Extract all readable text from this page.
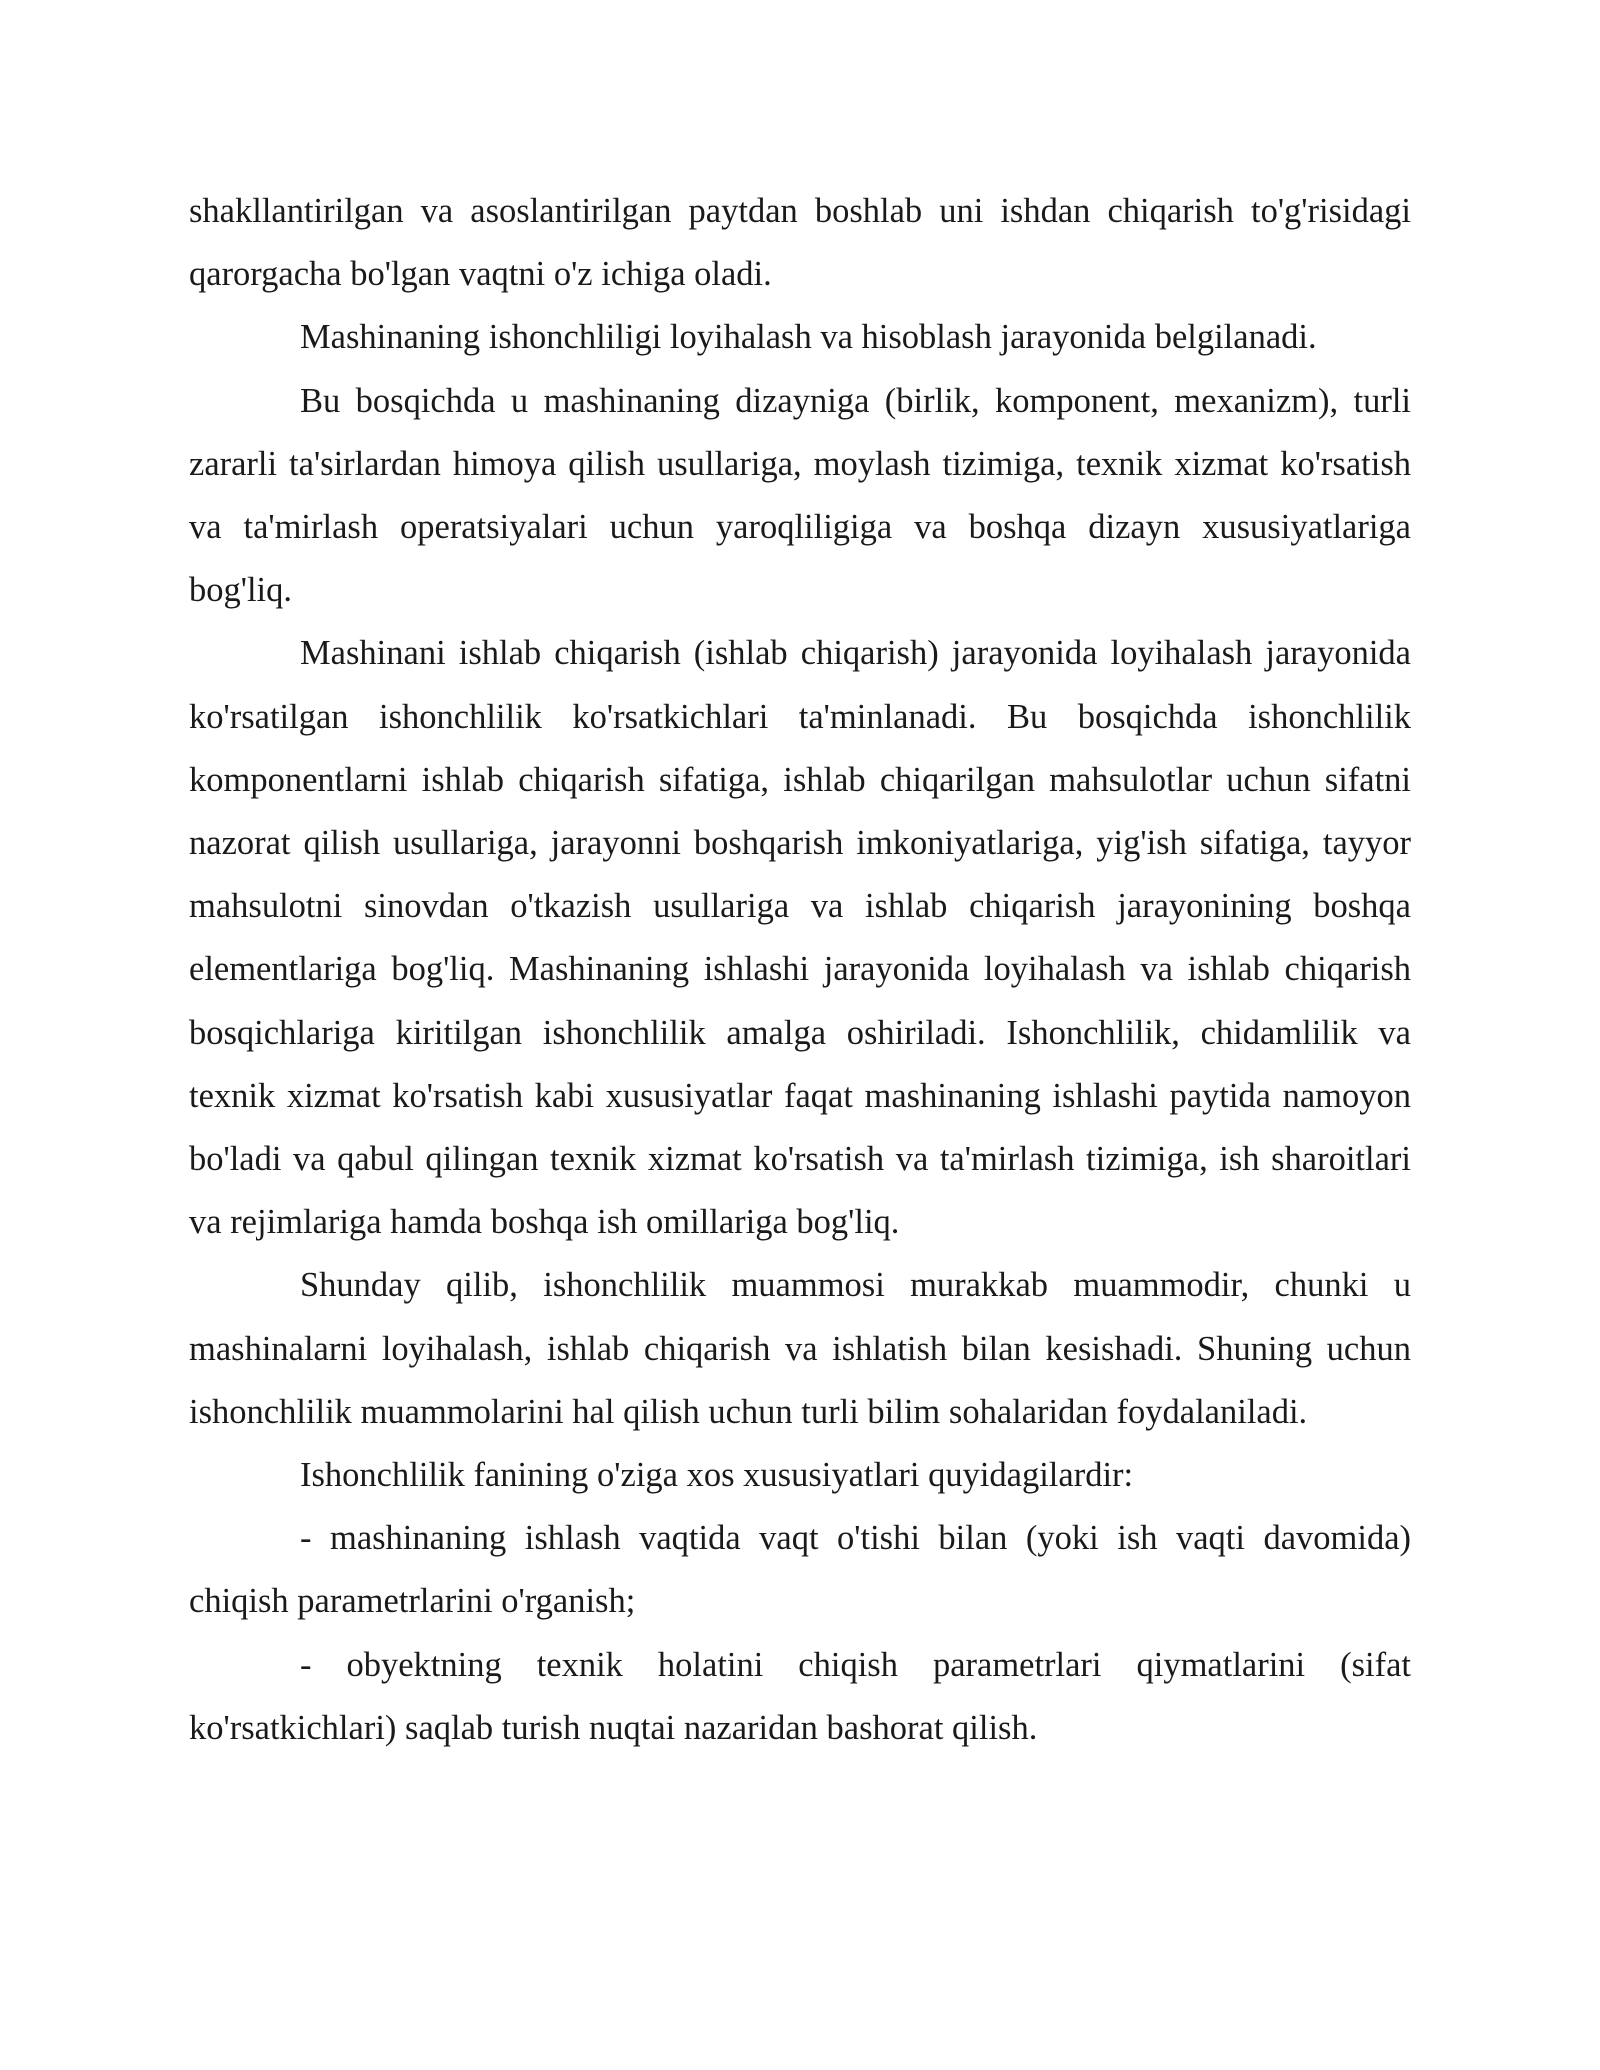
shakllantirilgan va asoslantirilgan paytdan boshlab uni ishdan chiqarish to'g'risidagi qarorgacha bo'lgan vaqtni o'z ichiga oladi.

Mashinaning ishonchliligi loyihalash va hisoblash jarayonida belgilanadi.

Bu bosqichda u mashinaning dizayniga (birlik, komponent, mexanizm), turli zararli ta'sirlardan himoya qilish usullariga, moylash tizimiga, texnik xizmat ko'rsatish va ta'mirlash operatsiyalari uchun yaroqliligiga va boshqa dizayn xususiyatlariga bog'liq.

Mashinani ishlab chiqarish (ishlab chiqarish) jarayonida loyihalash jarayonida ko'rsatilgan ishonchlilik ko'rsatkichlari ta'minlanadi. Bu bosqichda ishonchlilik komponentlarni ishlab chiqarish sifatiga, ishlab chiqarilgan mahsulotlar uchun sifatni nazorat qilish usullariga, jarayonni boshqarish imkoniyatlariga, yig'ish sifatiga, tayyor mahsulotni sinovdan o'tkazish usullariga va ishlab chiqarish jarayonining boshqa elementlariga bog'liq. Mashinaning ishlashi jarayonida loyihalash va ishlab chiqarish bosqichlariga kiritilgan ishonchlilik amalga oshiriladi. Ishonchlilik, chidamlilik va texnik xizmat ko'rsatish kabi xususiyatlar faqat mashinaning ishlashi paytida namoyon bo'ladi va qabul qilingan texnik xizmat ko'rsatish va ta'mirlash tizimiga, ish sharoitlari va rejimlariga hamda boshqa ish omillariga bog'liq.

Shunday qilib, ishonchlilik muammosi murakkab muammodir, chunki u mashinalarni loyihalash, ishlab chiqarish va ishlatish bilan kesishadi. Shuning uchun ishonchlilik muammolarini hal qilish uchun turli bilim sohalaridan foydalaniladi.

Ishonchlilik fanining o'ziga xos xususiyatlari quyidagilardir:

- mashinaning ishlash vaqtida vaqt o'tishi bilan (yoki ish vaqti davomida) chiqish parametrlarini o'rganish;

- obyektning texnik holatini chiqish parametrlari qiymatlarini (sifat ko'rsatkichlari) saqlab turish nuqtai nazaridan bashorat qilish.
